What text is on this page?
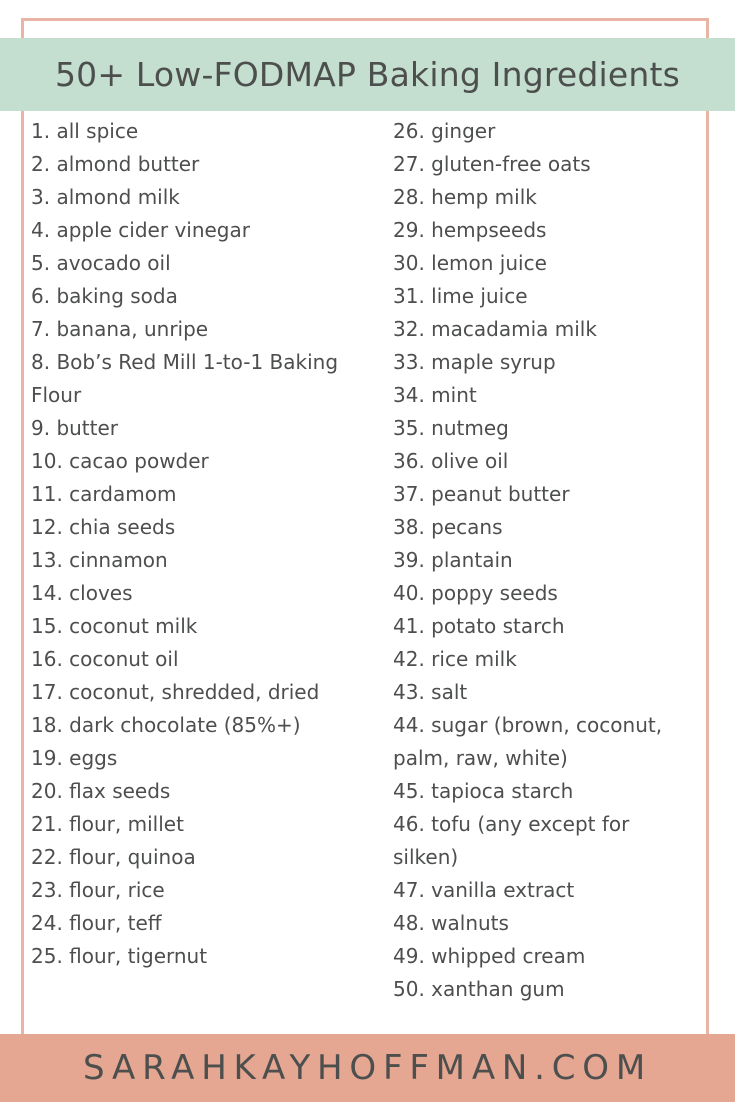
50+ Low-FODMAP Baking Ingredients
1. all spice
2. almond butter
3. almond milk
4. apple cider vinegar
5. avocado oil
6. baking soda
7. banana, unripe
8. Bob’s Red Mill 1-to-1 Baking Flour
9. butter
10. cacao powder
11. cardamom
12. chia seeds
13. cinnamon
14. cloves
15. coconut milk
16. coconut oil
17. coconut, shredded, dried
18. dark chocolate (85%+)
19. eggs
20. flax seeds
21. flour, millet
22. flour, quinoa
23. flour, rice
24. flour, teff
25. flour, tigernut
26. ginger
27. gluten-free oats
28. hemp milk
29. hempseeds
30. lemon juice
31. lime juice
32. macadamia milk
33. maple syrup
34. mint
35. nutmeg
36. olive oil
37. peanut butter
38. pecans
39. plantain
40. poppy seeds
41. potato starch
42. rice milk
43. salt
44. sugar (brown, coconut, palm, raw, white)
45. tapioca starch
46. tofu (any except for silken)
47. vanilla extract
48. walnuts
49. whipped cream
50. xanthan gum
SARAHKAYHOFFMAN.COM
